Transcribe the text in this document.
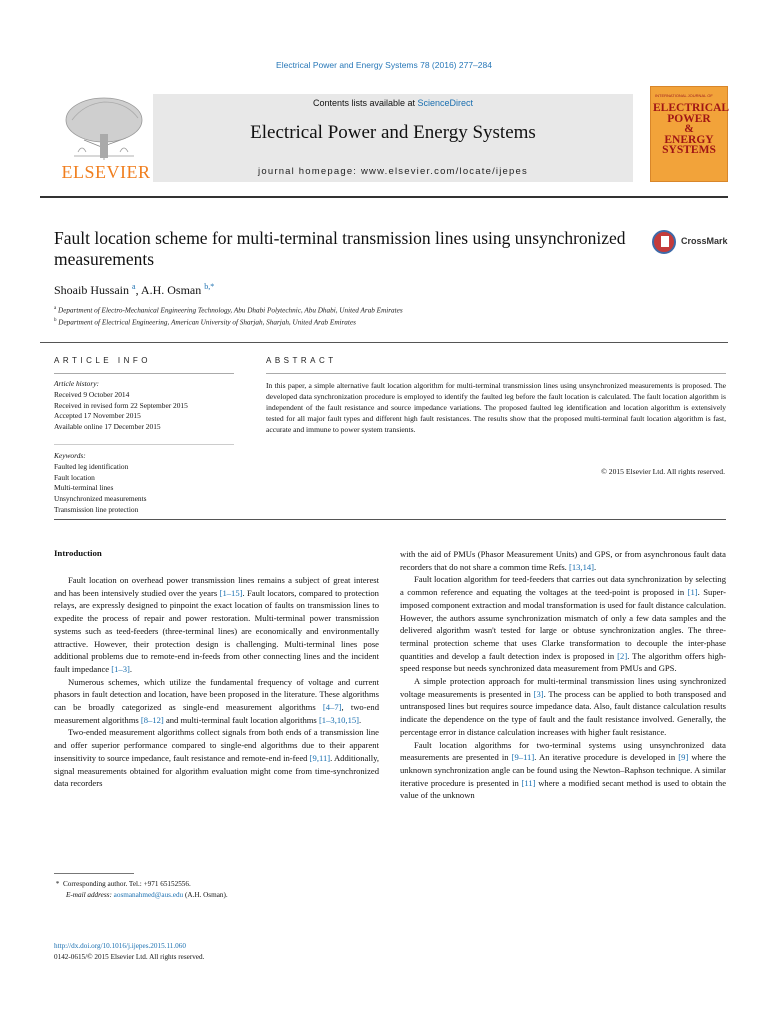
Electrical Power and Energy Systems 78 (2016) 277–284
ELSEVIER
Contents lists available at ScienceDirect
Electrical Power and Energy Systems
journal homepage: www.elsevier.com/locate/ijepes
INTERNATIONAL JOURNAL OF
ELECTRICAL
POWER
&
ENERGY
SYSTEMS
Fault location scheme for multi-terminal transmission lines using unsynchronized measurements
CrossMark
Shoaib Hussain $^a$, A.H. Osman $^{b,*}$
$^a$ Department of Electro-Mechanical Engineering Technology, Abu Dhabi Polytechnic, Abu Dhabi, United Arab Emirates
$^b$ Department of Electrical Engineering, American University of Sharjah, Sharjah, United Arab Emirates
ARTICLE INFO	ABSTRACT
Article history:
Received 9 October 2014
Received in revised form 22 September 2015
Accepted 17 November 2015
Available online 17 December 2015
Keywords:
Faulted leg identification
Fault location
Multi-terminal lines
Unsynchronized measurements
Transmission line protection
In this paper, a simple alternative fault location algorithm for multi-terminal transmission lines using unsynchronized measurements is proposed. The developed data synchronization procedure is employed to identify the faulted leg before the fault location is calculated. The fault location algorithm is independent of the fault resistance and source impedance variations. The proposed faulted leg identification and location algorithm is extensively tested for all major fault types and different high fault resistances. The results show that the proposed multi-terminal fault location algorithm is fast, accurate and immune to power system transients.
© 2015 Elsevier Ltd. All rights reserved.
Introduction

Fault location on overhead power transmission lines remains a subject of great interest and has been intensively studied over the years [1–15]. Fault locators, compared to protection relays, are expressly designed to pinpoint the exact location of faults on transmission lines to expedite the process of repair and power restoration. Multi-terminal power transmission systems such as teed-feeders (three-terminal lines) are economically and environmentally attractive. However, their protection design is challenging. Multi-terminal lines pose additional problems due to remote-end in-feeds from other connecting lines and the incident fault impedance [1–3].

Numerous schemes, which utilize the fundamental frequency of voltage and current phasors in fault detection and location, have been proposed in the literature. These algorithms can be broadly categorized as single-end measurement algorithms [4–7], two-end measurement algorithms [8–12] and multi-terminal fault location algorithms [1–3,10,15].

Two-ended measurement algorithms collect signals from both ends of a transmission line and offer superior performance compared to single-end algorithms due to their apparent insensitivity to source impedance, fault resistance and remote-end in-feed [9,11]. Additionally, signal measurements obtained for algorithm evaluation might come from time-synchronized data recorders

with the aid of PMUs (Phasor Measurement Units) and GPS, or from asynchronous fault data recorders that do not share a common time Refs. [13,14].

Fault location algorithm for teed-feeders that carries out data synchronization by selecting a common reference and equating the voltages at the teed-point is proposed in [1]. Super-imposed component extraction and modal transformation is used for fault distance calculation. However, the authors assume synchronization mismatch of only a few data samples and the delivered algorithm wasn't tested for large or obtuse synchronization angles. The three-terminal protection scheme that uses Clarke transformation to decouple the inter-phase quantities and develop a fault detection index is proposed in [2]. The algorithm offers high-speed response but needs synchronized data measurement from PMUs and GPS.

A simple protection approach for multi-terminal transmission lines using synchronized voltage measurements is presented in [3]. The process can be applied to both transposed and untransposed lines but requires source impedance data. Also, fault distance calculation results indicate the dependence on the type of fault and the fault resistance involved. Generally, the percentage error in distance calculation increases with higher fault resistance.

Fault location algorithms for two-terminal systems using unsynchronized data measurements are presented in [9–11]. An iterative procedure is developed in [9] where the unknown synchronization angle can be found using the Newton–Raphson technique. A similar iterative procedure is presented in [11] where a modified secant method is used to obtain the value of the unknown

* Corresponding author. Tel.: +971 65152556.
E-mail address: aosmanahmed@aus.edu (A.H. Osman).
http://dx.doi.org/10.1016/j.ijepes.2015.11.060
0142-0615/© 2015 Elsevier Ltd. All rights reserved.
